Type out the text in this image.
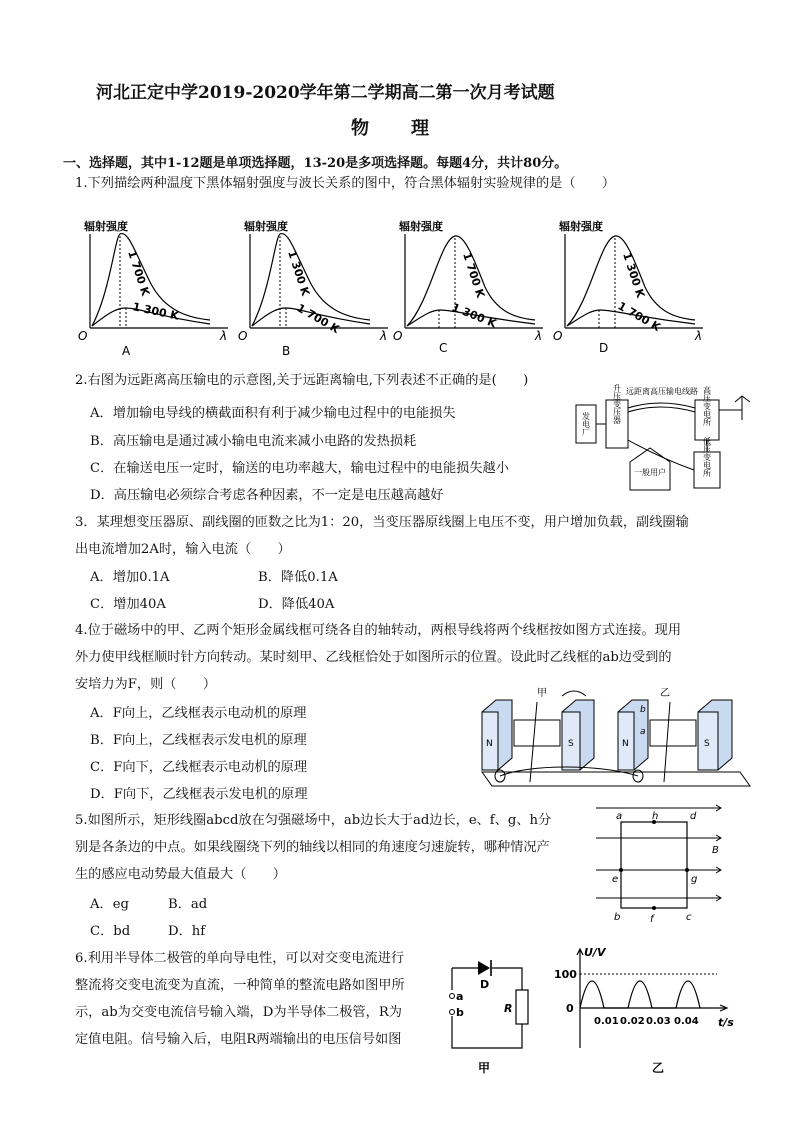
河北正定中学2019-2020学年第二学期高二第一次月考试题
物　　理
一、选择题，其中1-12题是单项选择题，13-20是多项选择题。每题4分，共计80分。
1.下列描绘两种温度下黑体辐射强度与波长关系的图中，符合黑体辐射实验规律的是（　　）
辐射强度
1 700 K
1 300 K
O	λ
A
辐射强度
1 300 K
1 700 K
O	λ
B
辐射强度
1 700 K
1 300 K
O	λ
C
辐射强度
1 300 K
1 700 K
O	λ
D
2.右图为远距离高压输电的示意图,关于远距离输电,下列表述不正确的是(　　)
A．增加输电导线的横截面积有利于减少输电过程中的电能损失
B．高压输电是通过减小输电电流来减小电路的发热损耗
C．在输送电压一定时，输送的电功率越大，输电过程中的电能损失越小
D．高压输电必须综合考虑各种因素，不一定是电压越高越好
发电厂	升压变压器 远距离高压输电线路 高压变电所
低压变电所
一般用户
3．某理想变压器原、副线圈的匝数之比为1：20，当变压器原线圈上电压不变，用户增加负载，副线圈输
出电流增加2A时，输入电流（　　）
A．增加0.1A	B．降低0.1A
C．增加40A	D．降低40A
4.位于磁场中的甲、乙两个矩形金属线框可绕各自的轴转动，两根导线将两个线框按如图方式连接。现用
外力使甲线框顺时针方向转动。某时刻甲、乙线框恰处于如图所示的位置。设此时乙线框的ab边受到的
安培力为F，则（　　）
A．F向上，乙线框表示电动机的原理
B．F向上，乙线框表示发电机的原理
C．F向下，乙线框表示电动机的原理
D．F向下，乙线框表示发电机的原理
N	S
甲
N	S
乙
b
a
5.如图所示，矩形线圈abcd放在匀强磁场中，ab边长大于ad边长，e、f、g、h分
别是各条边的中点。如果线圈绕下列的轴线以相同的角速度匀速旋转，哪种情况产
生的感应电动势最大值最大（　　）
A．eg	B．ad
C．bd	D．hf
a	h	d
e	g
b	f	c
B
6.利用半导体二极管的单向导电性，可以对交变电流进行
整流将交变电流变为直流，一种简单的整流电路如图甲所
示，ab为交变电流信号输入端，D为半导体二极管，R为
定值电阻。信号输入后，电阻R两端输出的电压信号如图
D
R
a
b
甲
U/V
100
0
0.01 0.02 0.03 0.04 t/s
乙
